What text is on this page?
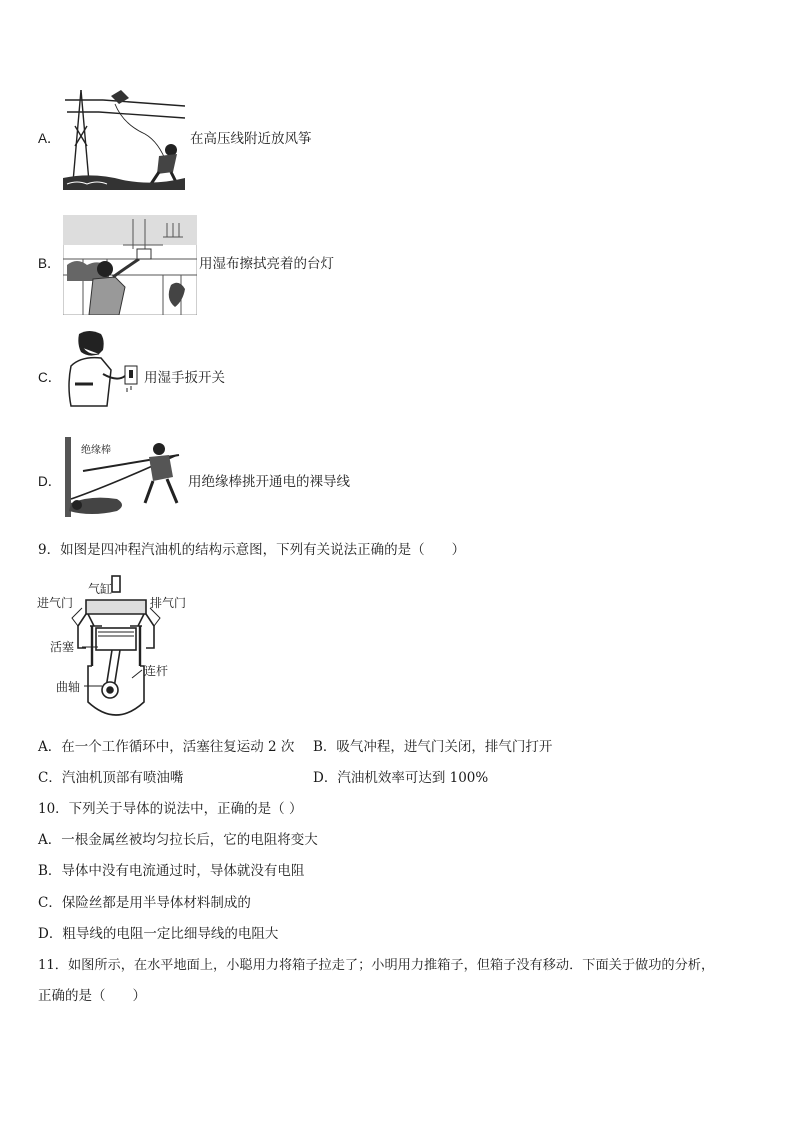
A．	在高压线附近放风筝
B．	用湿布擦拭亮着的台灯
C．	用湿手扳开关
D．
绝缘棒
用绝缘棒挑开通电的裸导线
9．如图是四冲程汽油机的结构示意图，下列有关说法正确的是（　　）
气缸
进气门	排气门
活塞
连杆
曲轴
A．在一个工作循环中，活塞往复运动 2 次 B．吸气冲程，进气门关闭，排气门打开
C．汽油机顶部有喷油嘴	D．汽油机效率可达到 100%
10．下列关于导体的说法中，正确的是（ ）
A．一根金属丝被均匀拉长后，它的电阻将变大
B．导体中没有电流通过时，导体就没有电阻
C．保险丝都是用半导体材料制成的
D．粗导线的电阻一定比细导线的电阻大
11．如图所示，在水平地面上，小聪用力将箱子拉走了；小明用力推箱子，但箱子没有移动．下面关于做功的分析，
正确的是（　　）
